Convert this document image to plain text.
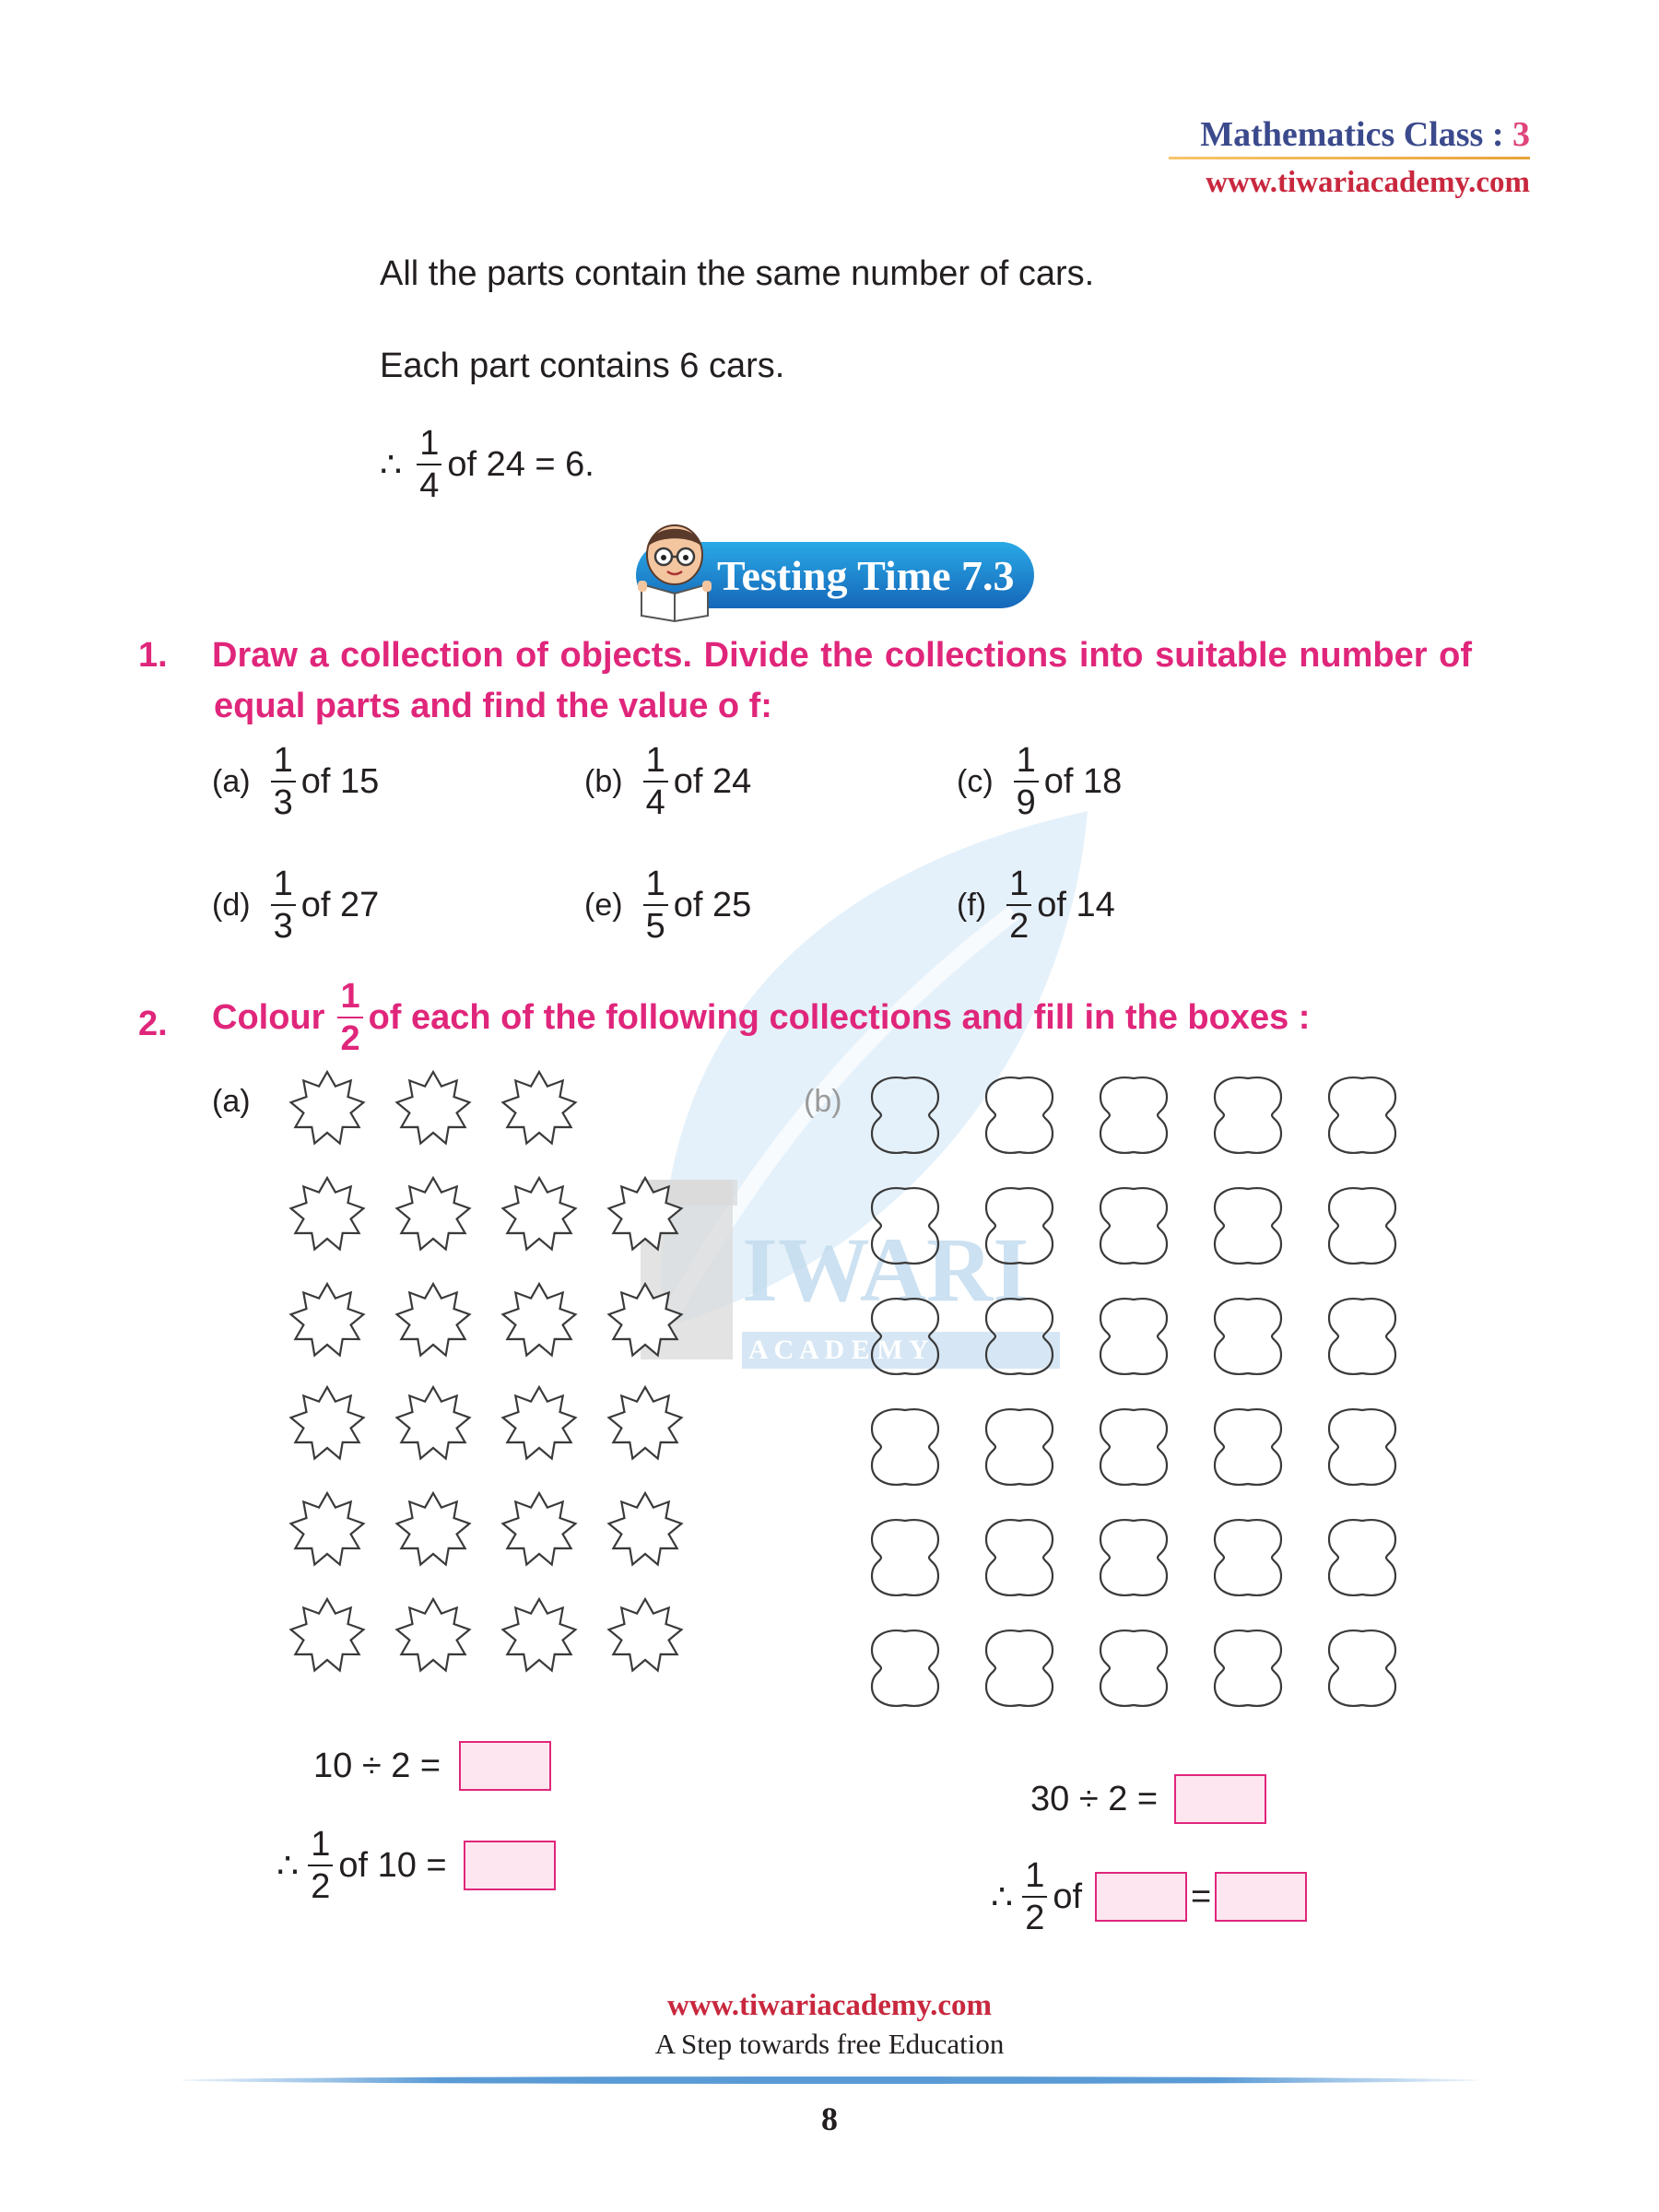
IWARI
A C A D E M Y
Mathematics Class : 3
www.tiwariacademy.com
All the parts contain the same number of cars.
Each part contains 6 cars.
∴ $\frac{1}{4}$ of 24 = 6.
Testing Time 7.3
1. Draw a collection of objects. Divide the collections into suitable number of
equal parts and find the value o f:
$(a) \frac{1}{3}$ of 15	$(b) \frac{1}{4}$ of 24	$(c) \frac{1}{9}$ of 18
$(d) \frac{1}{3}$ of 27	$(e) \frac{1}{5}$ of 25	$(f) \frac{1}{2}$ of 14
2. Colour $\frac{1}{2}$ of each of the following collections and fill in the boxes :
(a)	(b)
10 ÷ 2 =
∴ $\frac{1}{2}$ of 10 =
30 ÷ 2 =
∴ $\frac{1}{2}$ of	=
www.tiwariacademy.com
A Step towards free Education
8
